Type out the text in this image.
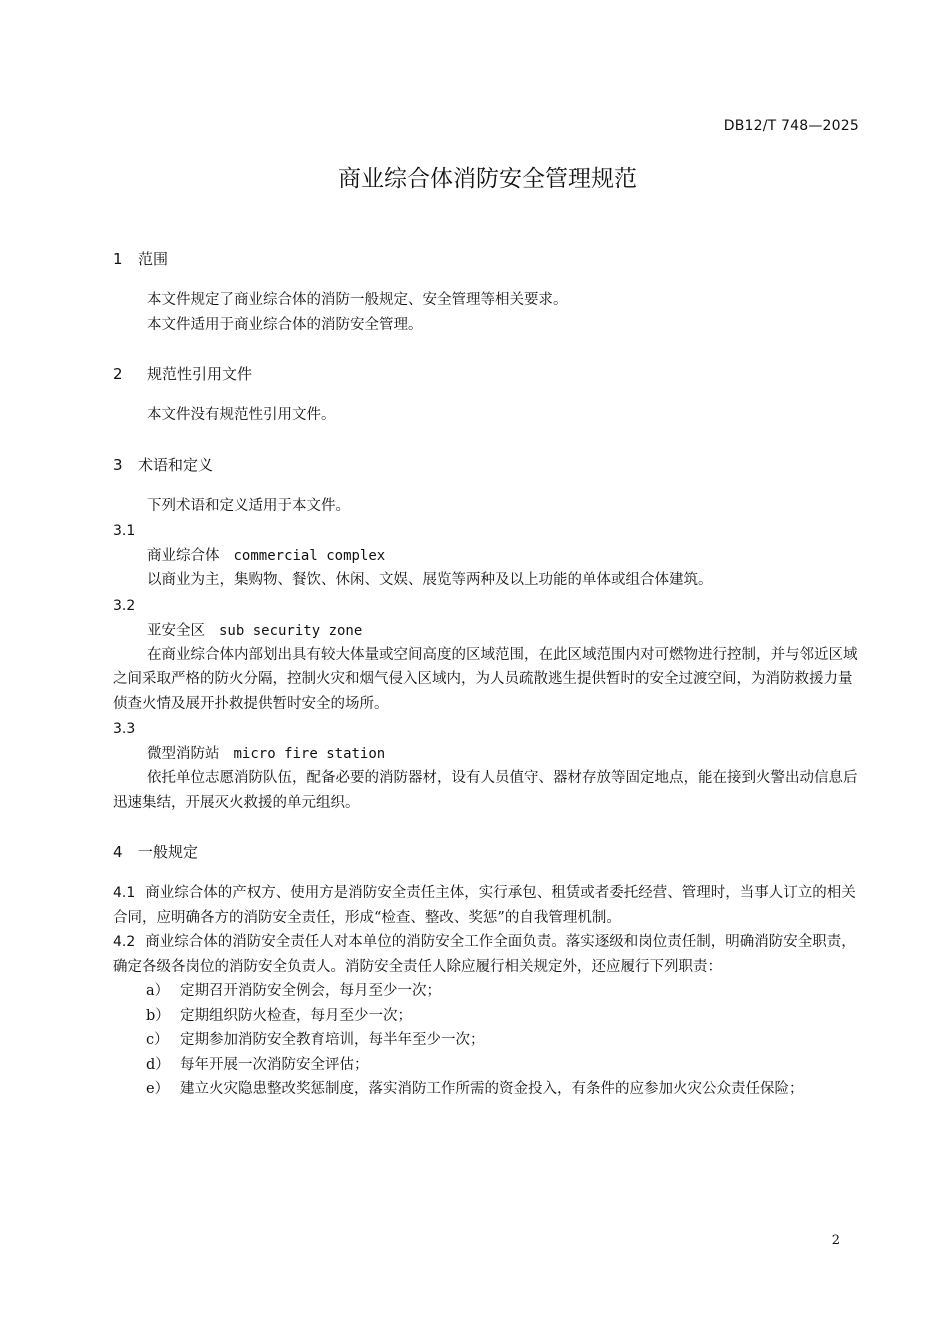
DB12/T 748—2025
商业综合体消防安全管理规范

1 范围

本文件规定了商业综合体的消防一般规定、安全管理等相关要求。

本文件适用于商业综合体的消防安全管理。

2 规范性引用文件

本文件没有规范性引用文件。

3 术语和定义

下列术语和定义适用于本文件。

3.1

商业综合体 commercial complex

以商业为主，集购物、餐饮、休闲、文娱、展览等两种及以上功能的单体或组合体建筑。

3.2

亚安全区 sub security zone

在商业综合体内部划出具有较大体量或空间高度的区域范围，在此区域范围内对可燃物进行控制，并与邻近区域之间采取严格的防火分隔，控制火灾和烟气侵入区域内，为人员疏散逃生提供暂时的安全过渡空间，为消防救援力量侦查火情及展开扑救提供暂时安全的场所。

3.3

微型消防站 micro fire station

依托单位志愿消防队伍，配备必要的消防器材，设有人员值守、器材存放等固定地点，能在接到火警出动信息后迅速集结，开展灭火救援的单元组织。

4 一般规定

4.1 商业综合体的产权方、使用方是消防安全责任主体，实行承包、租赁或者委托经营、管理时，当事人订立的相关合同，应明确各方的消防安全责任，形成“检查、整改、奖惩”的自我管理机制。

4.2 商业综合体的消防安全责任人对本单位的消防安全工作全面负责。落实逐级和岗位责任制，明确消防安全职责，确定各级各岗位的消防安全负责人。消防安全责任人除应履行相关规定外，还应履行下列职责：

a） 定期召开消防安全例会，每月至少一次；

b） 定期组织防火检查，每月至少一次；

c） 定期参加消防安全教育培训，每半年至少一次；

d） 每年开展一次消防安全评估；

e） 建立火灾隐患整改奖惩制度，落实消防工作所需的资金投入，有条件的应参加火灾公众责任保险；

2
